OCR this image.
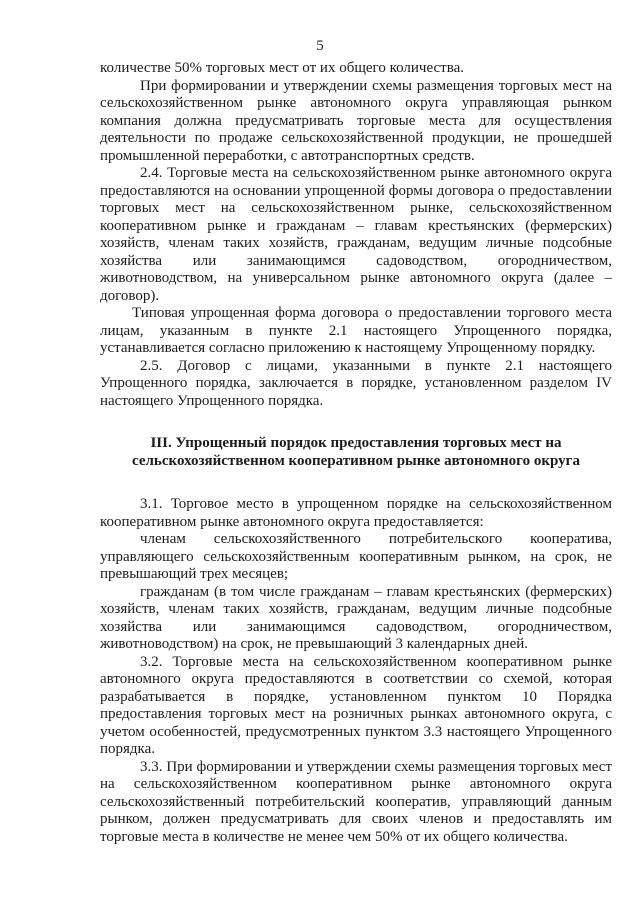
5

количестве 50% торговых мест от их общего количества.

При формировании и утверждении схемы размещения торговых мест на сельскохозяйственном рынке автономного округа управляющая рынком компания должна предусматривать торговые места для осуществления деятельности по продаже сельскохозяйственной продукции, не прошедшей промышленной переработки, с автотранспортных средств.

2.4. Торговые места на сельскохозяйственном рынке автономного округа предоставляются на основании упрощенной формы договора о предоставлении торговых мест на сельскохозяйственном рынке, сельскохозяйственном кооперативном рынке и гражданам – главам крестьянских (фермерских) хозяйств, членам таких хозяйств, гражданам, ведущим личные подсобные хозяйства или занимающимся садоводством, огородничеством, животноводством, на универсальном рынке автономного округа (далее – договор).

Типовая упрощенная форма договора о предоставлении торгового места лицам, указанным в пункте 2.1 настоящего Упрощенного порядка, устанавливается согласно приложению к настоящему Упрощенному порядку.

2.5. Договор с лицами, указанными в пункте 2.1 настоящего Упрощенного порядка, заключается в порядке, установленном разделом IV настоящего Упрощенного порядка.

III. Упрощенный порядок предоставления торговых мест на
сельскохозяйственном кооперативном рынке автономного округа

3.1. Торговое место в упрощенном порядке на сельскохозяйственном кооперативном рынке автономного округа предоставляется:

членам сельскохозяйственного потребительского кооператива, управляющего сельскохозяйственным кооперативным рынком, на срок, не превышающий трех месяцев;

гражданам (в том числе гражданам – главам крестьянских (фермерских) хозяйств, членам таких хозяйств, гражданам, ведущим личные подсобные хозяйства или занимающимся садоводством, огородничеством, животноводством) на срок, не превышающий 3 календарных дней.

3.2. Торговые места на сельскохозяйственном кооперативном рынке автономного округа предоставляются в соответствии со схемой, которая разрабатывается в порядке, установленном пунктом 10 Порядка предоставления торговых мест на розничных рынках автономного округа, с учетом особенностей, предусмотренных пунктом 3.3 настоящего Упрощенного порядка.

3.3. При формировании и утверждении схемы размещения торговых мест на сельскохозяйственном кооперативном рынке автономного округа сельскохозяйственный потребительский кооператив, управляющий данным рынком, должен предусматривать для своих членов и предоставлять им торговые места в количестве не менее чем 50% от их общего количества.
